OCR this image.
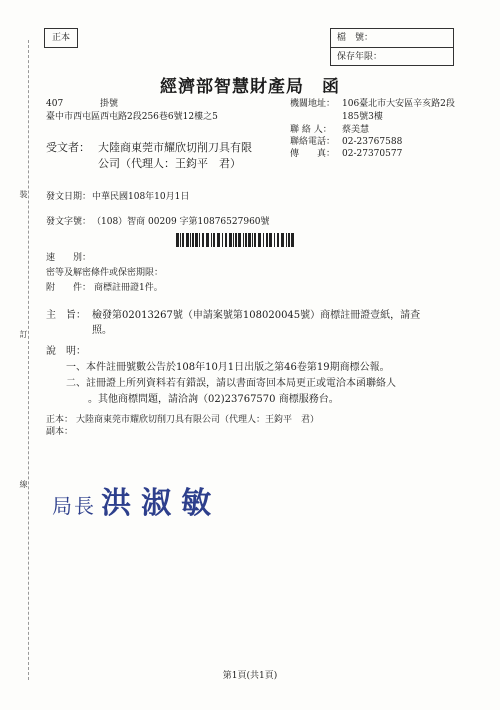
裝
訂
線
正本	檔　號：
保存年限：
經濟部智慧財產局　函
407	掛號
臺中市西屯區西屯路2段256巷6號12樓之5
機關地址： 106臺北市大安區辛亥路2段
185號3樓
聯 絡 人： 蔡美慧
聯絡電話： 02-23767588
傳　　真： 02-27370577
受文者： 大陸商東莞市耀欣切削刀具有限
公司（代理人：王鈞平　君）
發文日期： 中華民國108年10月1日
發文字號： （108）智商 00209 字第10876527960號
速　　別：
密等及解密條件或保密期限：
附　　件： 商標註冊證1件。
主　旨： 檢發第02013267號（申請案號第108020045號）商標註冊證壹紙，請查
照。
說　明：
一、本件註冊號數公告於108年10月1日出版之第46卷第19期商標公報。
二、註冊證上所列資料若有錯誤，請以書面寄回本局更正或電洽本函聯絡人
。其他商標問題，請洽詢（02)23767570 商標服務台。
正本： 大陸商東莞市耀欣切削刀具有限公司（代理人：王鈞平　君）
副本：
局長 洪淑敏
第1頁(共1頁)
